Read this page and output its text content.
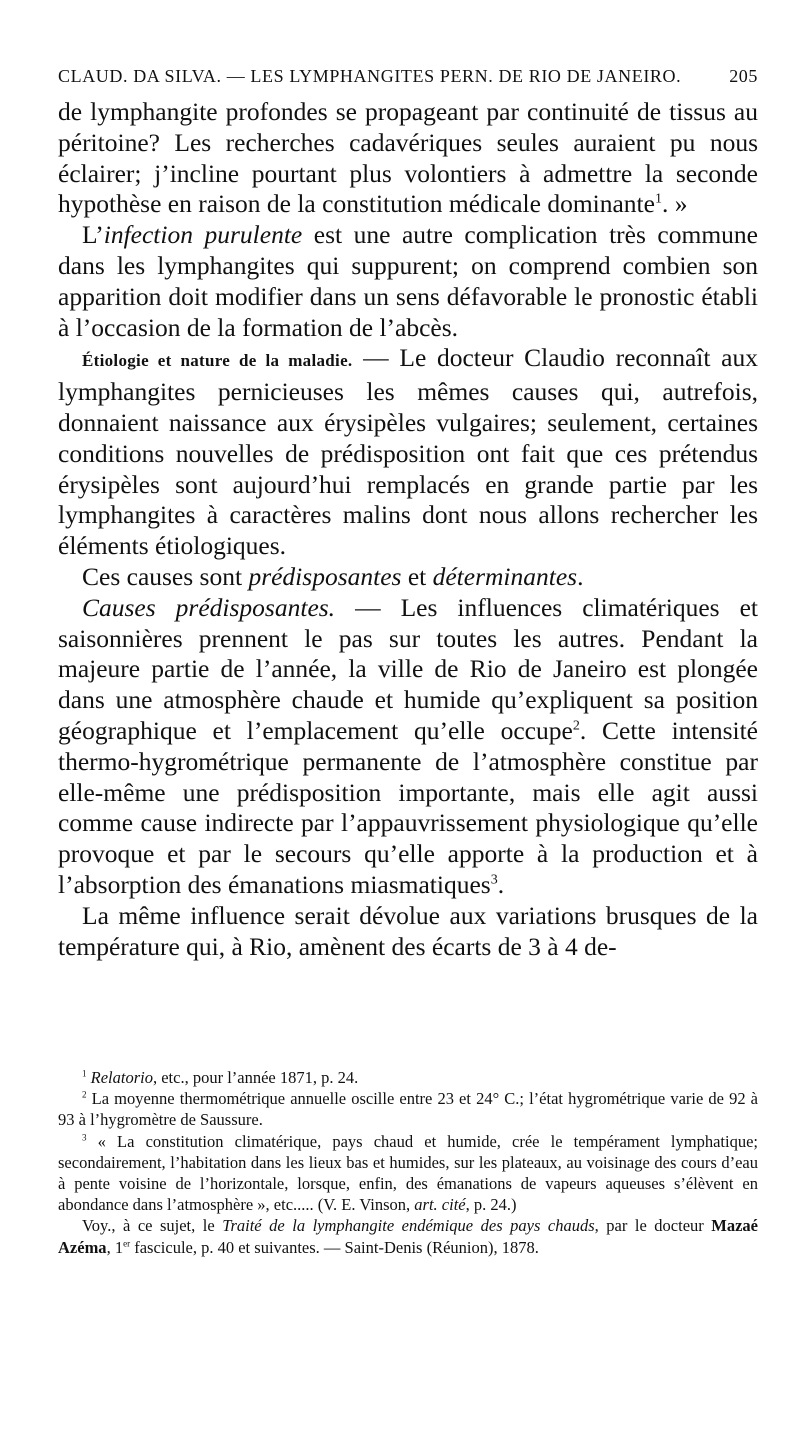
CLAUD. DA SILVA. — LES LYMPHANGITES PERN. DE RIO DE JANEIRO.	205

de lymphangite profondes se propageant par continuité de tissus au péritoine? Les recherches cadavériques seules auraient pu nous éclairer; j’incline pourtant plus volontiers à admettre la seconde hypothèse en raison de la constitution médicale dominante$^1$. »

L’infection purulente est une autre complication très commune dans les lymphangites qui suppurent; on comprend combien son apparition doit modifier dans un sens défavorable le pronostic établi à l’occasion de la formation de l’abcès.

Étiologie et nature de la maladie. — Le docteur Claudio reconnaît aux lymphangites pernicieuses les mêmes causes qui, autrefois, donnaient naissance aux érysipèles vulgaires; seulement, certaines conditions nouvelles de prédisposition ont fait que ces prétendus érysipèles sont aujourd’hui remplacés en grande partie par les lymphangites à caractères malins dont nous allons rechercher les éléments étiologiques.

Ces causes sont prédisposantes et déterminantes.

Causes prédisposantes. — Les influences climatériques et saisonnières prennent le pas sur toutes les autres. Pendant la majeure partie de l’année, la ville de Rio de Janeiro est plongée dans une atmosphère chaude et humide qu’expliquent sa position géographique et l’emplacement qu’elle occupe$^2$. Cette intensité thermo-hygrométrique permanente de l’atmosphère constitue par elle-même une prédisposition importante, mais elle agit aussi comme cause indirecte par l’appauvrissement physiologique qu’elle provoque et par le secours qu’elle apporte à la production et à l’absorption des émanations miasmatiques$^3$.

La même influence serait dévolue aux variations brusques de la température qui, à Rio, amènent des écarts de 3 à 4 de-

$^1$ Relatorio, etc., pour l’année 1871, p. 24.

$^2$ La moyenne thermométrique annuelle oscille entre 23 et 24° C.; l’état hygrométrique varie de 92 à 93 à l’hygromètre de Saussure.

$^3$ « La constitution climatérique, pays chaud et humide, crée le tempérament lymphatique; secondairement, l’habitation dans les lieux bas et humides, sur les plateaux, au voisinage des cours d’eau à pente voisine de l’horizontale, lorsque, enfin, des émanations de vapeurs aqueuses s’élèvent en abondance dans l’atmosphère », etc..... (V. E. Vinson, art. cité, p. 24.)

Voy., à ce sujet, le Traité de la lymphangite endémique des pays chauds, par le docteur Mazaé Azéma, 1er fascicule, p. 40 et suivantes. — Saint-Denis (Réunion), 1878.
